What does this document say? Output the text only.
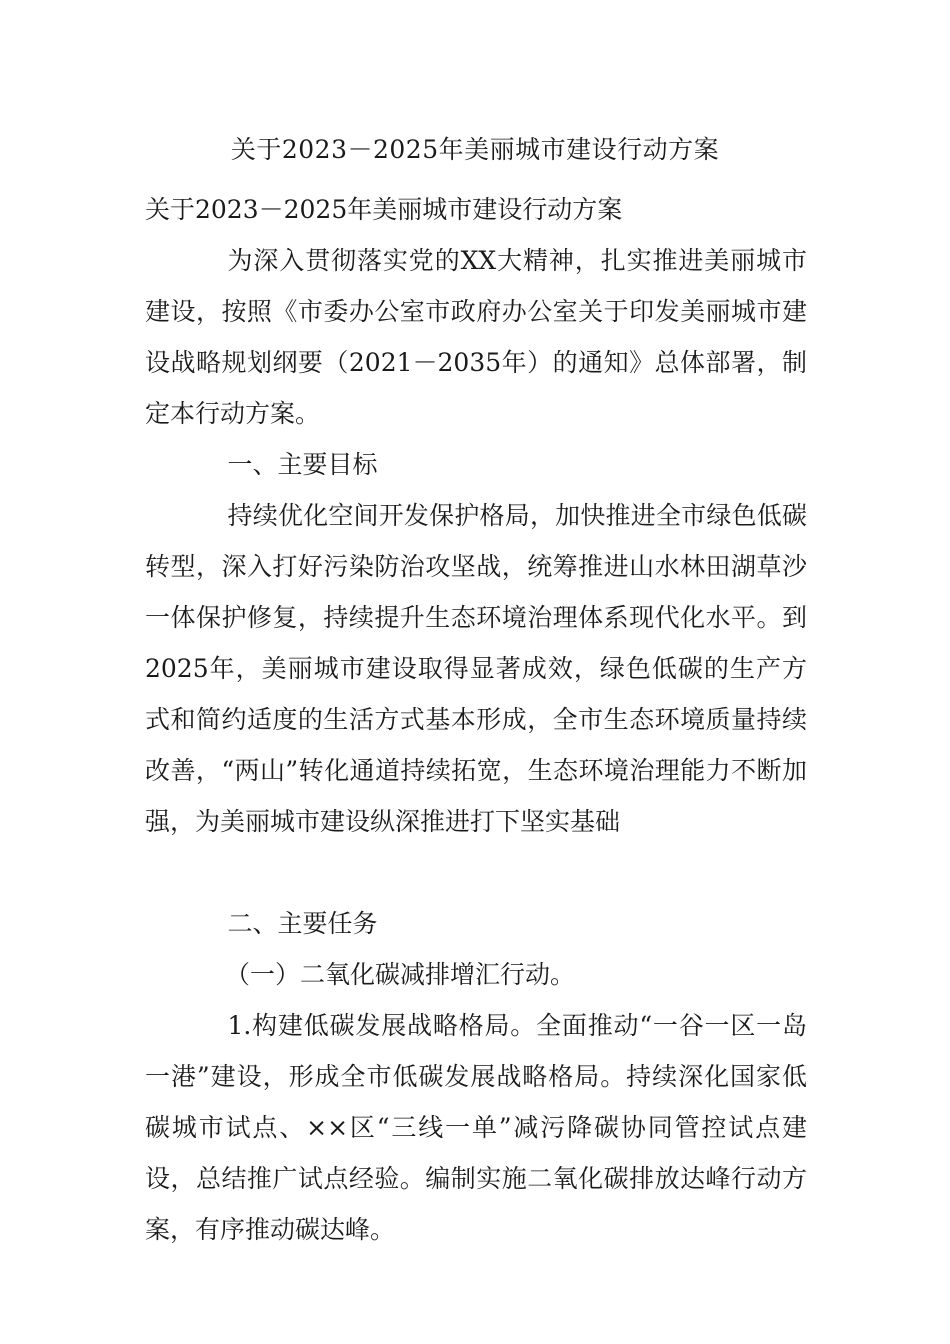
关于2023－2025年美丽城市建设行动方案

关于2023－2025年美丽城市建设行动方案

为深入贯彻落实党的XX大精神，扎实推进美丽城市建设，按照《市委办公室市政府办公室关于印发美丽城市建设战略规划纲要（2021－2035年）的通知》总体部署，制定本行动方案。

一、主要目标

持续优化空间开发保护格局，加快推进全市绿色低碳转型，深入打好污染防治攻坚战，统筹推进山水林田湖草沙一体保护修复，持续提升生态环境治理体系现代化水平。到2025年，美丽城市建设取得显著成效，绿色低碳的生产方式和简约适度的生活方式基本形成，全市生态环境质量持续改善，“两山”转化通道持续拓宽，生态环境治理能力不断加强，为美丽城市建设纵深推进打下坚实基础

二、主要任务

（一）二氧化碳减排增汇行动。

1.构建低碳发展战略格局。全面推动“一谷一区一岛一港”建设，形成全市低碳发展战略格局。持续深化国家低碳城市试点、××区“三线一单”减污降碳协同管控试点建设，总结推广试点经验。编制实施二氧化碳排放达峰行动方案，有序推动碳达峰。
